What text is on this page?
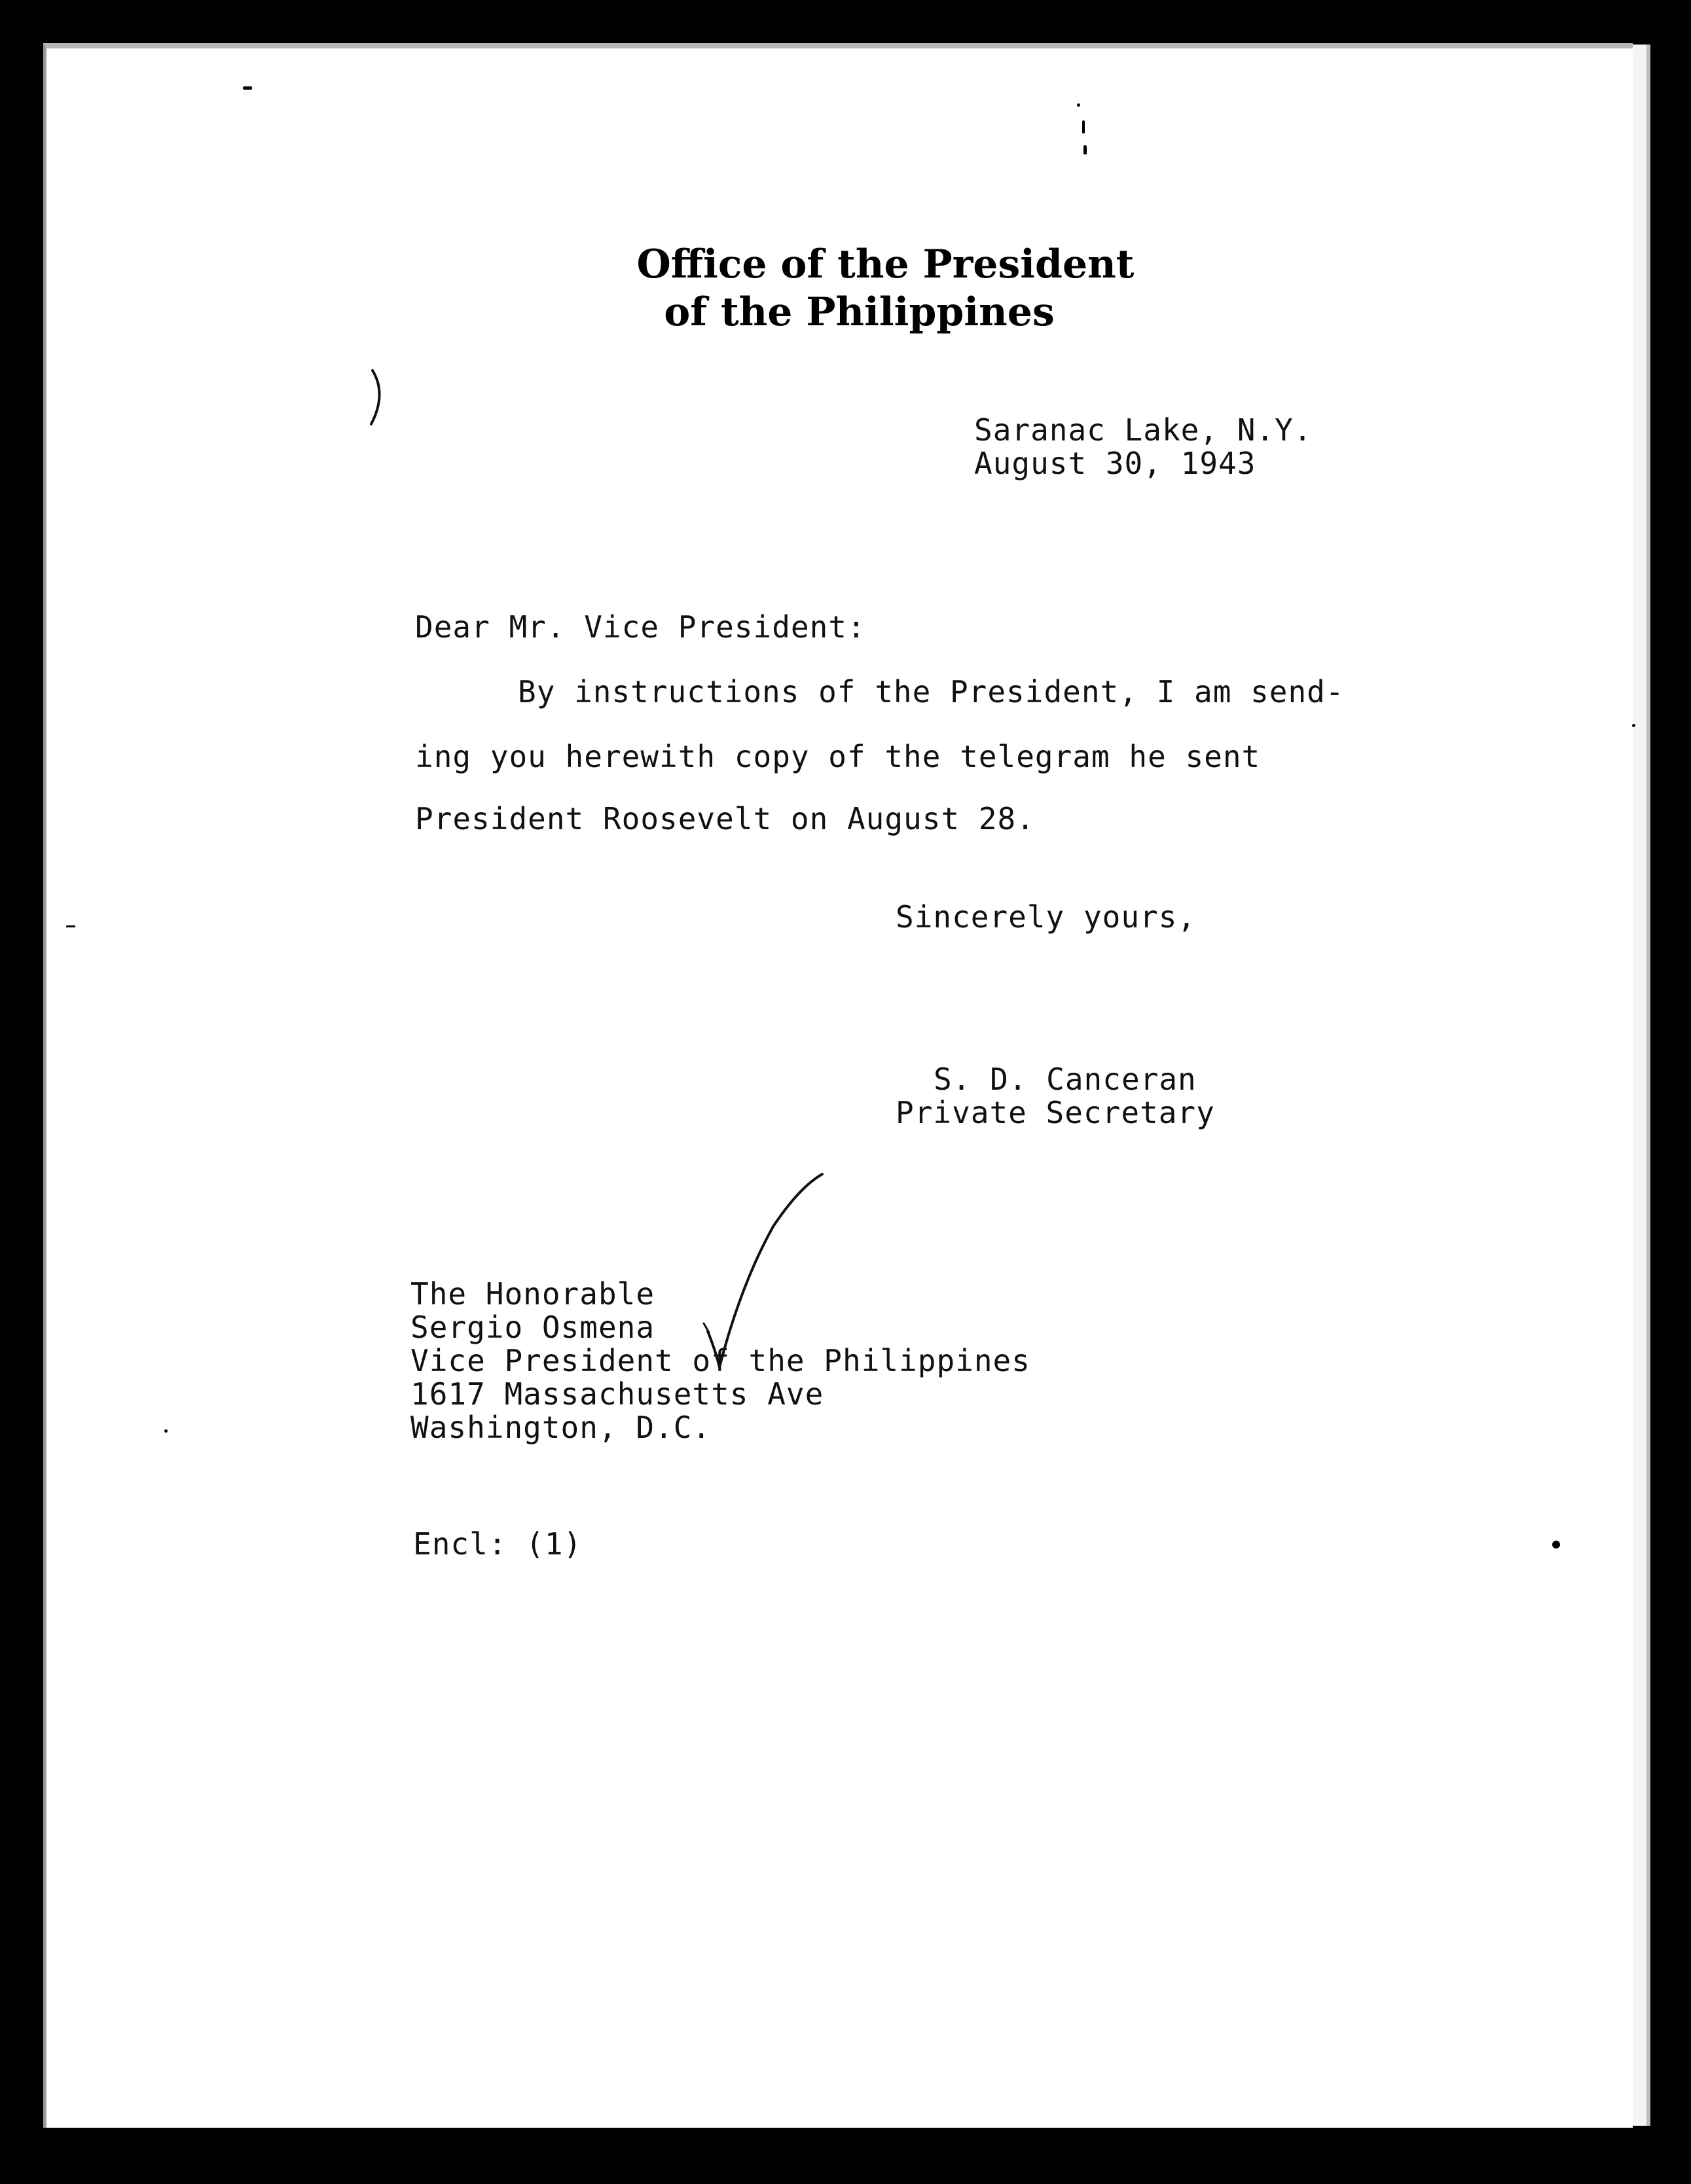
Office of the President
of the Philippines
Saranac Lake, N.Y.
August 30, 1943
Dear Mr. Vice President:
By instructions of the President, I am send-
ing you herewith copy of the telegram he sent
President Roosevelt on August 28.
Sincerely yours,
S. D. Canceran
Private Secretary
The Honorable
Sergio Osmena
Vice President of the Philippines
1617 Massachusetts Ave
Washington, D.C.
Encl: (1)
